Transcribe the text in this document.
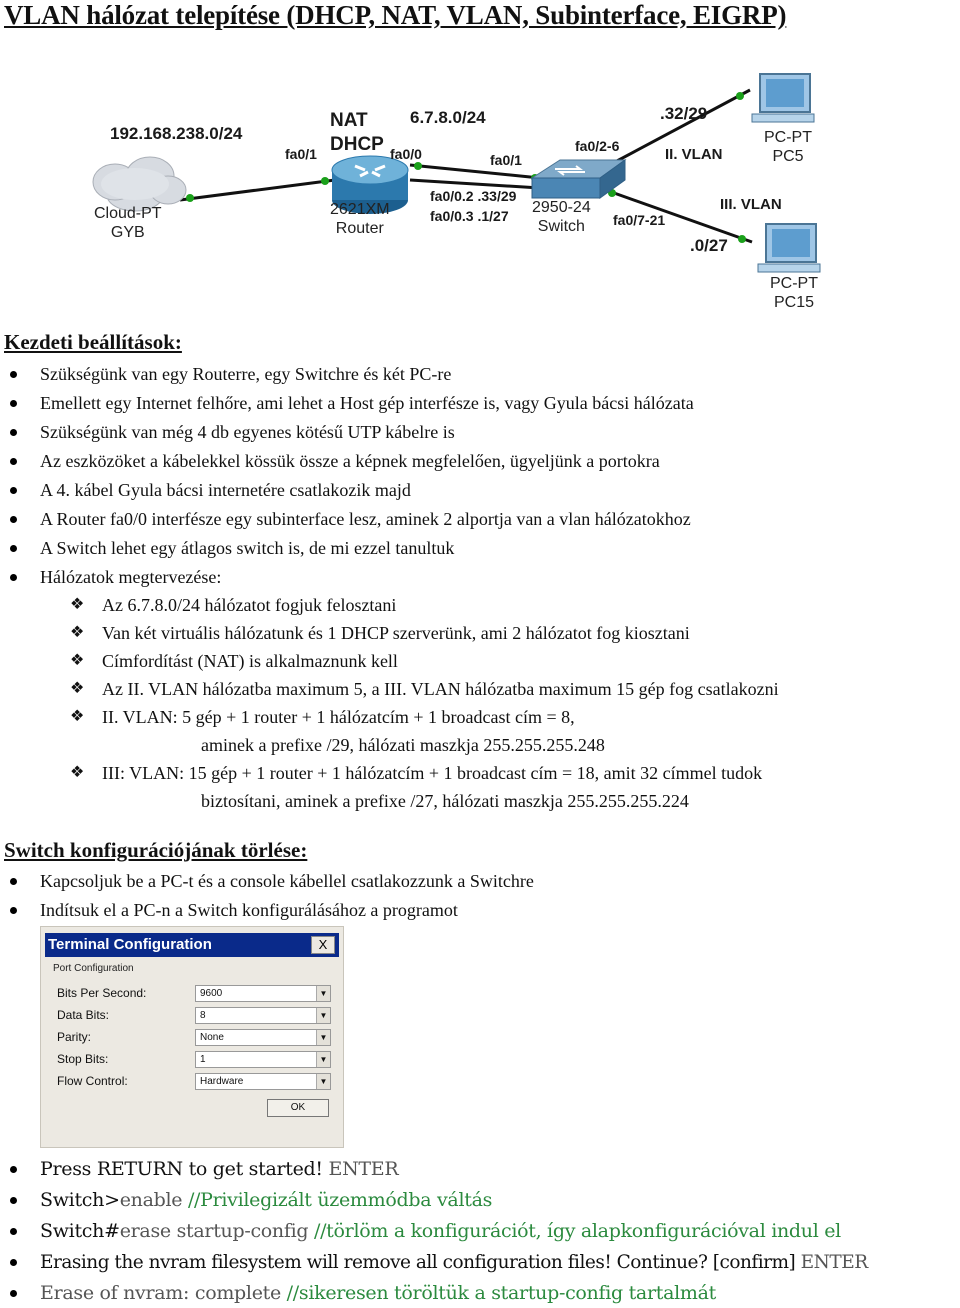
VLAN hálózat telepítése (DHCP, NAT, VLAN, Subinterface, EIGRP)
192.168.238.0/24
NAT
DHCP
6.7.8.0/24
fa0/1	fa0/0	fa0/1
fa0/2-6
fa0/7-21
fa0/0.2 .33/29
fa0/0.3 .1/27
.32/29
II. VLAN
III. VLAN
.0/27
Cloud-PT
GYB
2621XM
Router
2950-24
Switch
PC-PT
PC5
PC-PT
PC15
Kezdeti beállítások:
Szükségünk van egy Routerre, egy Switchre és két PC-re
Emellett egy Internet felhőre, ami lehet a Host gép interfésze is, vagy Gyula bácsi hálózata
Szükségünk van még 4 db egyenes kötésű UTP kábelre is
Az eszközöket a kábelekkel kössük össze a képnek megfelelően, ügyeljünk a portokra
A 4. kábel Gyula bácsi internetére csatlakozik majd
A Router fa0/0 interfésze egy subinterface lesz, aminek 2 alportja van a vlan hálózatokhoz
A Switch lehet egy átlagos switch is, de mi ezzel tanultuk
Hálózatok megtervezése:
❖ Az 6.7.8.0/24 hálózatot fogjuk felosztani
❖ Van két virtuális hálózatunk és 1 DHCP szerverünk, ami 2 hálózatot fog kiosztani
❖ Címfordítást (NAT) is alkalmaznunk kell
❖ Az II. VLAN hálózatba maximum 5, a III. VLAN hálózatba maximum 15 gép fog csatlakozni
❖ II. VLAN: 5 gép + 1 router + 1 hálózatcím + 1 broadcast cím = 8,
aminek a prefixe /29, hálózati maszkja 255.255.255.248
❖ III: VLAN: 15 gép + 1 router + 1 hálózatcím + 1 broadcast cím = 18, amit 32 címmel tudok
biztosítani, aminek a prefixe /27, hálózati maszkja 255.255.255.224
Switch konfigurációjának törlése:
Kapcsoljuk be a PC-t és a console kábellel csatlakozzunk a Switchre
Indítsuk el a PC-n a Switch konfigurálásához a programot
Terminal Configuration	X
Port Configuration
Bits Per Second:	9600	▼
Data Bits:	8	▼
Parity:	None	▼
Stop Bits:	1	▼
Flow Control:	Hardware	▼
OK
Press RETURN to get started! ENTER
Switch>enable //Privilegizált üzemmódba váltás
Switch#erase startup-config //törlöm a konfigurációt, így alapkonfigurációval indul el
Erasing the nvram filesystem will remove all configuration files! Continue? [confirm] ENTER
Erase of nvram: complete //sikeresen töröltük a startup-config tartalmát
